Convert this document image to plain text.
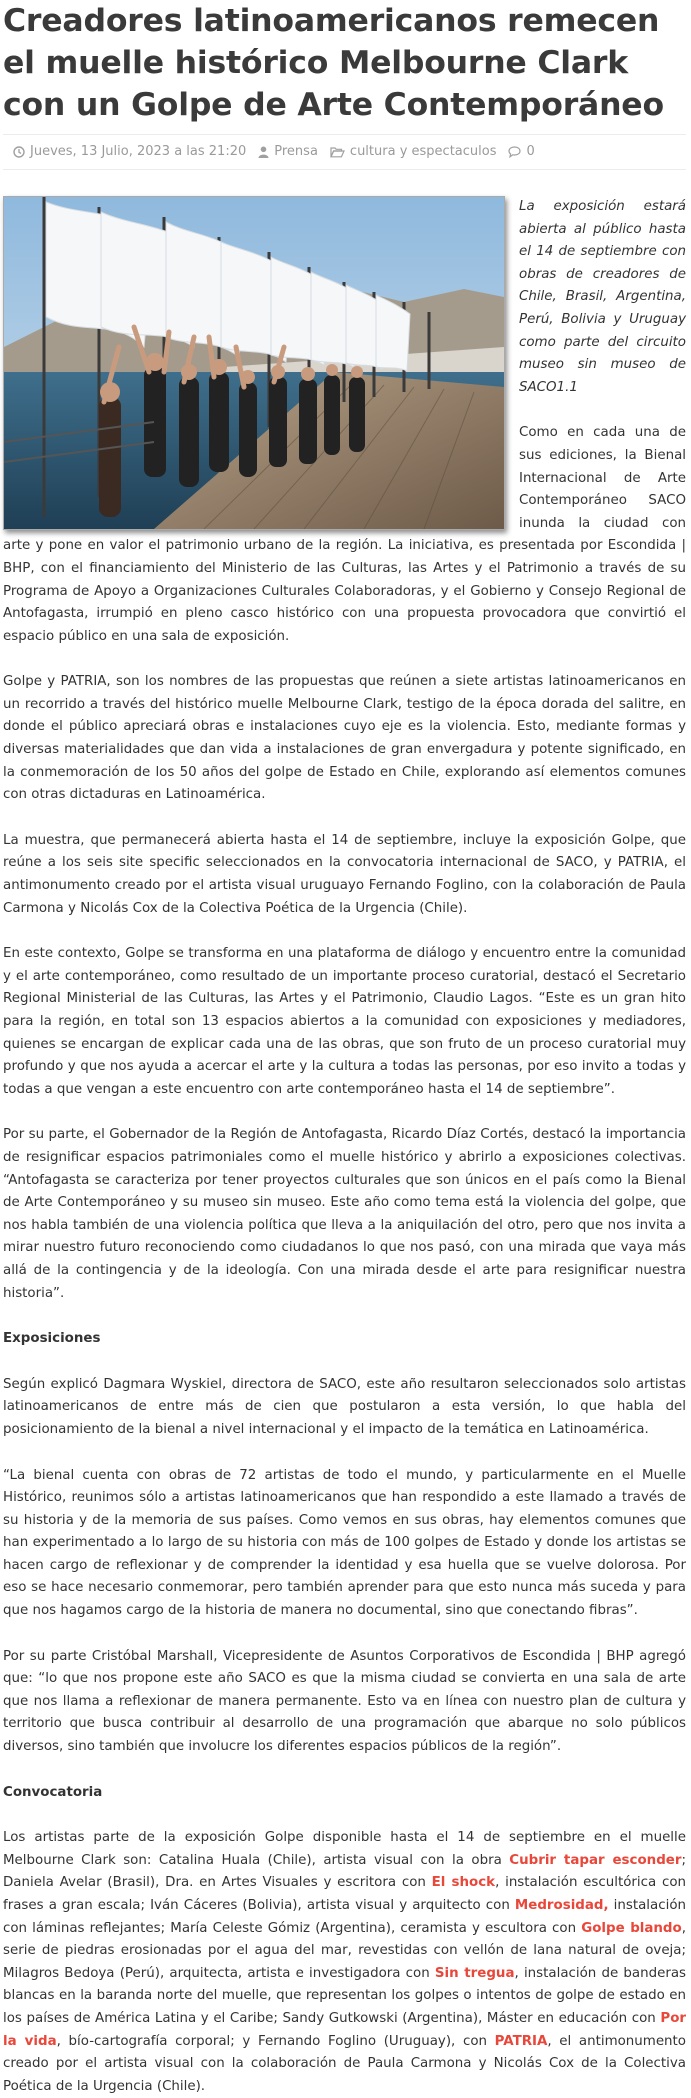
Creadores latinoamericanos remecen el muelle histórico Melbourne Clark con un Golpe de Arte Contemporáneo
Jueves, 13 Julio, 2023 a las 21:20 Prensa cultura y espectaculos 0

La exposición estará abierta al público hasta el 14 de septiembre con obras de creadores de Chile, Brasil, Argentina, Perú, Bolivia y Uruguay como parte del circuito museo sin museo de SACO1.1

Como en cada una de sus ediciones, la Bienal Internacional de Arte Contemporáneo SACO inunda la ciudad con arte y pone en valor el patrimonio urbano de la región. La iniciativa, es presentada por Escondida | BHP, con el financiamiento del Ministerio de las Culturas, las Artes y el Patrimonio a través de su Programa de Apoyo a Organizaciones Culturales Colaboradoras, y el Gobierno y Consejo Regional de Antofagasta, irrumpió en pleno casco histórico con una propuesta provocadora que convirtió el espacio público en una sala de exposición.

Golpe y PATRIA, son los nombres de las propuestas que reúnen a siete artistas latinoamericanos en un recorrido a través del histórico muelle Melbourne Clark, testigo de la época dorada del salitre, en donde el público apreciará obras e instalaciones cuyo eje es la violencia. Esto, mediante formas y diversas materialidades que dan vida a instalaciones de gran envergadura y potente significado, en la conmemoración de los 50 años del golpe de Estado en Chile, explorando así elementos comunes con otras dictaduras en Latinoamérica.

La muestra, que permanecerá abierta hasta el 14 de septiembre, incluye la exposición Golpe, que reúne a los seis site specific seleccionados en la convocatoria internacional de SACO, y PATRIA, el antimonumento creado por el artista visual uruguayo Fernando Foglino, con la colaboración de Paula Carmona y Nicolás Cox de la Colectiva Poética de la Urgencia (Chile).

En este contexto, Golpe se transforma en una plataforma de diálogo y encuentro entre la comunidad y el arte contemporáneo, como resultado de un importante proceso curatorial, destacó el Secretario Regional Ministerial de las Culturas, las Artes y el Patrimonio, Claudio Lagos. “Este es un gran hito para la región, en total son 13 espacios abiertos a la comunidad con exposiciones y mediadores, quienes se encargan de explicar cada una de las obras, que son fruto de un proceso curatorial muy profundo y que nos ayuda a acercar el arte y la cultura a todas las personas, por eso invito a todas y todas a que vengan a este encuentro con arte contemporáneo hasta el 14 de septiembre”.

Por su parte, el Gobernador de la Región de Antofagasta, Ricardo Díaz Cortés, destacó la importancia de resignificar espacios patrimoniales como el muelle histórico y abrirlo a exposiciones colectivas. “Antofagasta se caracteriza por tener proyectos culturales que son únicos en el país como la Bienal de Arte Contemporáneo y su museo sin museo. Este año como tema está la violencia del golpe, que nos habla también de una violencia política que lleva a la aniquilación del otro, pero que nos invita a mirar nuestro futuro reconociendo como ciudadanos lo que nos pasó, con una mirada que vaya más allá de la contingencia y de la ideología. Con una mirada desde el arte para resignificar nuestra historia”.

Exposiciones

Según explicó Dagmara Wyskiel, directora de SACO, este año resultaron seleccionados solo artistas latinoamericanos de entre más de cien que postularon a esta versión, lo que habla del posicionamiento de la bienal a nivel internacional y el impacto de la temática en Latinoamérica.

“La bienal cuenta con obras de 72 artistas de todo el mundo, y particularmente en el Muelle Histórico, reunimos sólo a artistas latinoamericanos que han respondido a este llamado a través de su historia y de la memoria de sus países. Como vemos en sus obras, hay elementos comunes que han experimentado a lo largo de su historia con más de 100 golpes de Estado y donde los artistas se hacen cargo de reflexionar y de comprender la identidad y esa huella que se vuelve dolorosa. Por eso se hace necesario conmemorar, pero también aprender para que esto nunca más suceda y para que nos hagamos cargo de la historia de manera no documental, sino que conectando fibras”.

Por su parte Cristóbal Marshall, Vicepresidente de Asuntos Corporativos de Escondida | BHP agregó que: “lo que nos propone este año SACO es que la misma ciudad se convierta en una sala de arte que nos llama a reflexionar de manera permanente. Esto va en línea con nuestro plan de cultura y territorio que busca contribuir al desarrollo de una programación que abarque no solo públicos diversos, sino también que involucre los diferentes espacios públicos de la región”.

Convocatoria

Los artistas parte de la exposición Golpe disponible hasta el 14 de septiembre en el muelle Melbourne Clark son: Catalina Huala (Chile), artista visual con la obra Cubrir tapar esconder; Daniela Avelar (Brasil), Dra. en Artes Visuales y escritora con El shock, instalación escultórica con frases a gran escala; Iván Cáceres (Bolivia), artista visual y arquitecto con Medrosidad, instalación con láminas reflejantes; María Celeste Gómiz (Argentina), ceramista y escultora con Golpe blando, serie de piedras erosionadas por el agua del mar, revestidas con vellón de lana natural de oveja; Milagros Bedoya (Perú), arquitecta, artista e investigadora con Sin tregua, instalación de banderas blancas en la baranda norte del muelle, que representan los golpes o intentos de golpe de estado en los países de América Latina y el Caribe; Sandy Gutkowski (Argentina), Máster en educación con Por la vida, bío-cartografía corporal; y Fernando Foglino (Uruguay), con PATRIA, el antimonumento creado por el artista visual con la colaboración de Paula Carmona y Nicolás Cox de la Colectiva Poética de la Urgencia (Chile).
